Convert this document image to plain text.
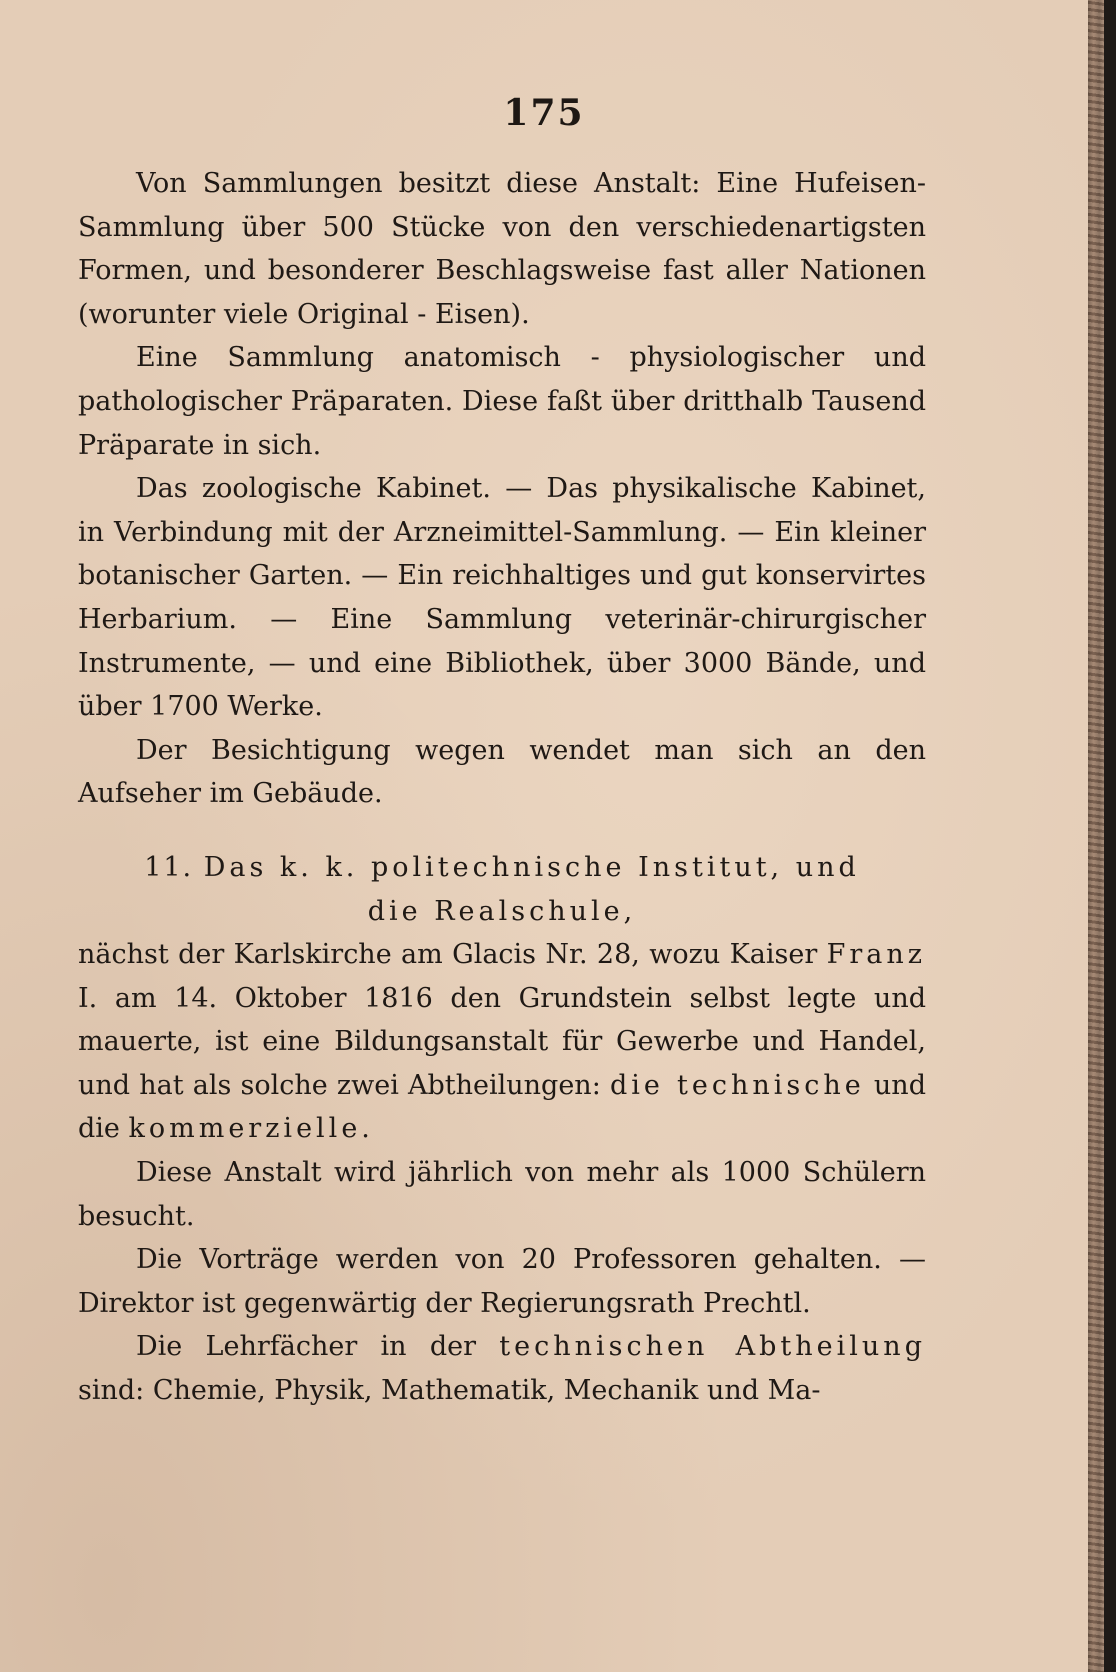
175

Von Sammlungen besitzt diese Anstalt: Eine Hufeisen-Sammlung über 500 Stücke von den verschiedenartigsten Formen, und besonderer Beschlagsweise fast aller Nationen (worunter viele Original - Eisen).

Eine Sammlung anatomisch - physiologischer und pathologischer Präparaten. Diese faßt über dritthalb Tausend Präparate in sich.

Das zoologische Kabinet. — Das physikalische Kabinet, in Verbindung mit der Arzneimittel-Sammlung. — Ein kleiner botanischer Garten. — Ein reichhaltiges und gut konservirtes Herbarium. — Eine Sammlung veterinär-chirurgischer Instrumente, — und eine Bibliothek, über 3000 Bände, und über 1700 Werke.

Der Besichtigung wegen wendet man sich an den Aufseher im Gebäude.

11. Das k. k. politechnische Institut, und
die Realschule,

nächst der Karlskirche am Glacis Nr. 28, wozu Kaiser Franz I. am 14. Oktober 1816 den Grundstein selbst legte und mauerte, ist eine Bildungsanstalt für Gewerbe und Handel, und hat als solche zwei Abtheilungen: die technische und die kommerzielle.

Diese Anstalt wird jährlich von mehr als 1000 Schülern besucht.

Die Vorträge werden von 20 Professoren gehalten. — Direktor ist gegenwärtig der Regierungsrath Prechtl.

Die Lehrfächer in der technischen Abtheilung sind: Chemie, Physik, Mathematik, Mechanik und Ma-
